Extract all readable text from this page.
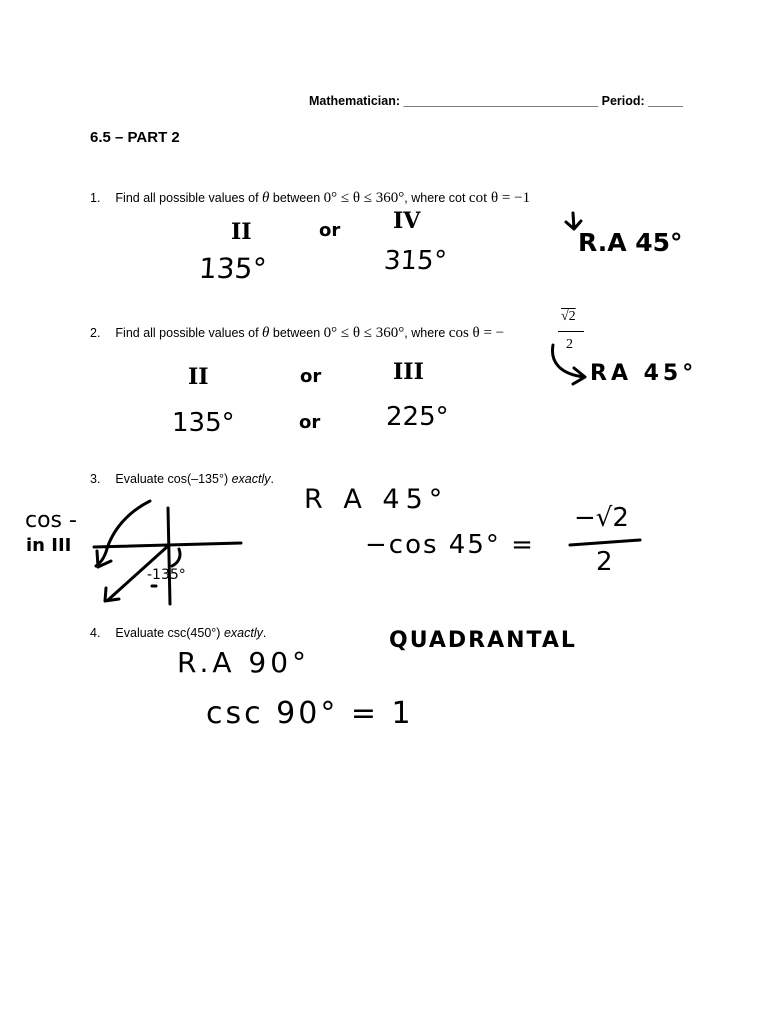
Mathematician: ____________________________ Period: _____
6.5 – PART 2
1. Find all possible values of θ between 0° ≤ θ ≤ 360°, where cot cot θ = −1
2. Find all possible values of θ between 0° ≤ θ ≤ 360°, where cos θ = −
√2
2
3. Evaluate cos(–135°) exactly.
4. Evaluate csc(450°) exactly.
II	or IV
135°	315°
R.A 45°
II	or	III
135°	or	225°
RA 45°
cos -
in III
-135°
R A 45°
−cos 45° =
−√2
2
QUADRANTAL
R.A 90°
csc 90° = 1
